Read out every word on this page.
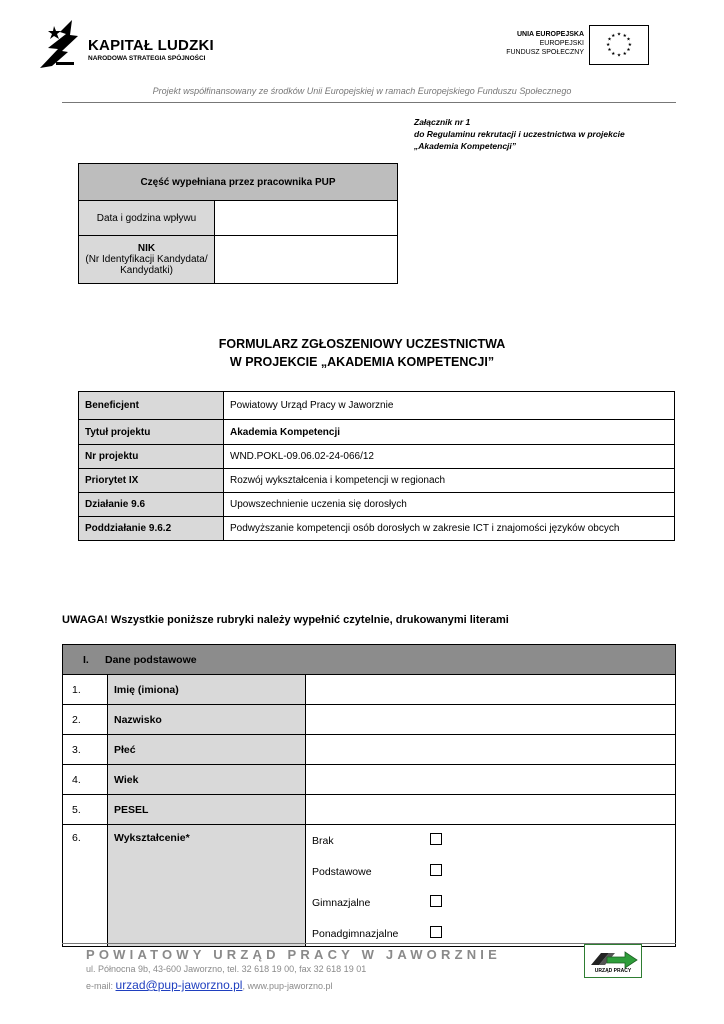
KAPITAŁ LUDZKI
NARODOWA STRATEGIA SPÓJNOŚCI
UNIA EUROPEJSKA
EUROPEJSKI
FUNDUSZ SPOŁECZNY
★ ★
★
★
★
★
★
★
★
★
★
★
Projekt współfinansowany ze środków Unii Europejskiej w ramach Europejskiego Funduszu Społecznego
Załącznik nr 1
do Regulaminu rekrutacji i uczestnictwa w projekcie
„Akademia Kompetencji”
Część wypełniana przez pracownika PUP	
Data i godzina wpływu	
NIK
(Nr Identyfikacji Kandydata/
Kandydatki)	
FORMULARZ ZGŁOSZENIOWY UCZESTNICTWA
W PROJEKCIE „AKADEMIA KOMPETENCJI”
Beneficjent	Powiatowy Urząd Pracy w Jaworznie
Tytuł projektu	Akademia Kompetencji
Nr projektu	WND.POKL-09.06.02-24-066/12
Priorytet IX	Rozwój wykształcenia i kompetencji w regionach
Działanie 9.6	Upowszechnienie uczenia się dorosłych
Poddziałanie 9.6.2	Podwyższanie kompetencji osób dorosłych w zakresie ICT i znajomości języków obcych
UWAGA! Wszystkie poniższe rubryki należy wypełnić czytelnie, drukowanymi literami
I. Dane podstawowe		
1.	Imię (imiona)	
2.	Nazwisko	
3.	Płeć	
4.	Wiek	
5.	PESEL	
6.	Wykształcenie*	Brak
Podstawowe
Gimnazjalne
Ponadgimnazjalne
POWIATOWY URZĄD PRACY W JAWORZNIE
ul. Północna 9b, 43-600 Jaworzno, tel. 32 618 19 00, fax 32 618 19 01
e-mail: urzad@pup-jaworzno.pl, www.pup-jaworzno.pl
URZĄD PRACY
